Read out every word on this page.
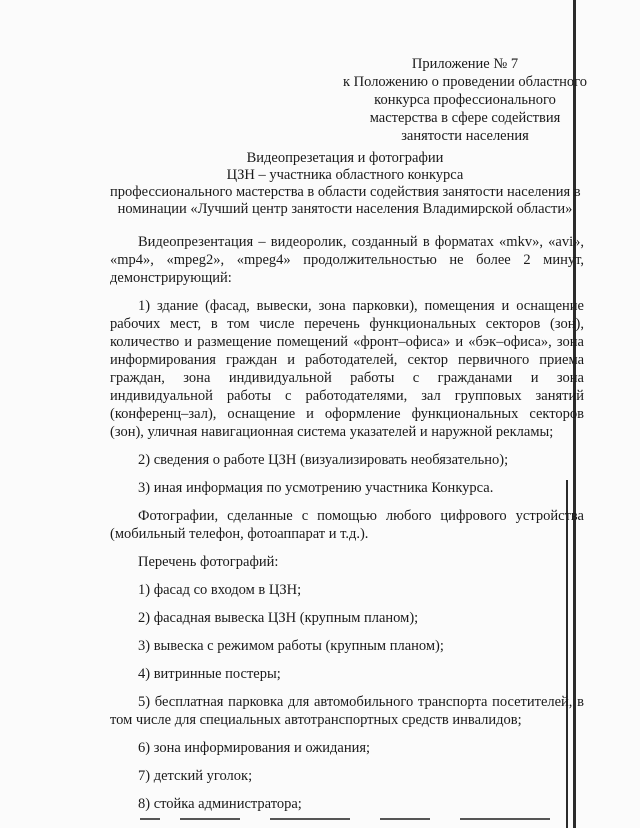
Приложение № 7
к Положению о проведении областного
конкурса профессионального
мастерства в сфере содействия
занятости населения
Видеопрезетация и фотографии
ЦЗН – участника областного конкурса
профессионального мастерства в области содействия занятости населения в
номинации «Лучший центр занятости населения Владимирской области»

Видеопрезентация – видеоролик, созданный в форматах «mkv», «avi», «mp4», «mpeg2», «mpeg4» продолжительностью не более 2 минут, демонстрирующий:

1) здание (фасад, вывески, зона парковки), помещения и оснащение рабочих мест, в том числе перечень функциональных секторов (зон), количество и размещение помещений «фронт–офиса» и «бэк–офиса», зона информирования граждан и работодателей, сектор первичного приема граждан, зона индивидуальной работы с гражданами и зона индивидуальной работы с работодателями, зал групповых занятий (конференц–зал), оснащение и оформление функциональных секторов (зон), уличная навигационная система указателей и наружной рекламы;

2) сведения о работе ЦЗН (визуализировать необязательно);

3) иная информация по усмотрению участника Конкурса.

Фотографии, сделанные с помощью любого цифрового устройства (мобильный телефон, фотоаппарат и т.д.).

Перечень фотографий:

1) фасад со входом в ЦЗН;

2) фасадная вывеска ЦЗН (крупным планом);

3) вывеска с режимом работы (крупным планом);

4) витринные постеры;

5) бесплатная парковка для автомобильного транспорта посетителей, в том числе для специальных автотранспортных средств инвалидов;

6) зона информирования и ожидания;

7) детский уголок;

8) стойка администратора;
